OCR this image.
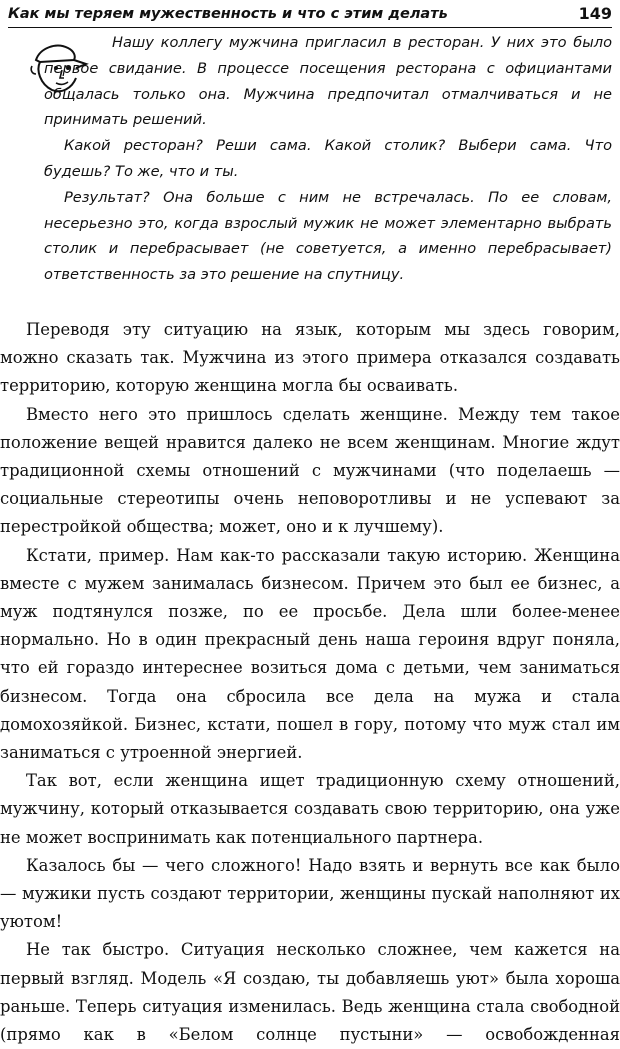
Как мы теряем мужественность и что с этим делать	149

Нашу коллегу мужчина пригласил в ресторан. У них это было первое свидание. В процессе посещения ресторана с официантами общалась только она. Мужчина предпочитал отмалчиваться и не принимать решений.

Какой ресторан? Реши сама. Какой столик? Выбери сама. Что будешь? То же, что и ты.

Результат? Она больше с ним не встречалась. По ее словам, несерьезно это, когда взрослый мужик не может элементарно выбрать столик и перебрасывает (не советуется, а именно перебрасывает) ответственность за это решение на спутницу.

Переводя эту ситуацию на язык, которым мы здесь говорим, можно сказать так. Мужчина из этого примера отказался создавать территорию, которую женщина могла бы осваивать.

Вместо него это пришлось сделать женщине. Между тем такое положение вещей нравится далеко не всем женщинам. Многие ждут традиционной схемы отношений с мужчинами (что поделаешь — социальные стереотипы очень неповоротливы и не успевают за перестройкой общества; может, оно и к лучшему).

Кстати, пример. Нам как-то рассказали такую историю. Женщина вместе с мужем занималась бизнесом. Причем это был ее бизнес, а муж подтянулся позже, по ее просьбе. Дела шли более-менее нормально. Но в один прекрасный день наша героиня вдруг поняла, что ей гораздо интереснее возиться дома с детьми, чем заниматься бизнесом. Тогда она сбросила все дела на мужа и стала домохозяйкой. Бизнес, кстати, пошел в гору, потому что муж стал им заниматься с утроенной энергией.

Так вот, если женщина ищет традиционную схему отношений, мужчину, который отказывается создавать свою территорию, она уже не может воспринимать как потенциального партнера.

Казалось бы — чего сложного! Надо взять и вернуть все как было — мужики пусть создают территории, женщины пускай наполняют их уютом!

Не так быстро. Ситуация несколько сложнее, чем кажется на первый взгляд. Модель «Я создаю, ты добавляешь уют» была хороша раньше. Теперь ситуация изменилась. Ведь женщина стала свободной (прямо как в «Белом солнце пустыни» — освобожденная
